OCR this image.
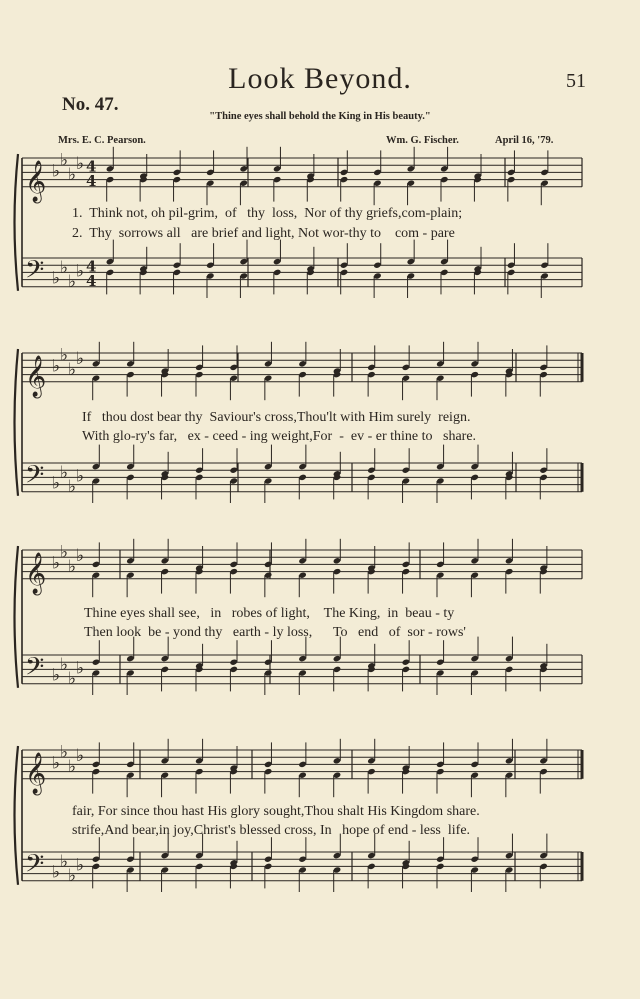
Look Beyond.	51
No. 47.
"Thine eyes shall behold the King in His beauty."
Mrs. E. C. Pearson.	Wm. G. Fischer.	April 16, '79.
1.  Think not, oh pil-grim,  of   thy  loss,  Nor of thy griefs,com-plain;
2.  Thy  sorrows all   are brief and light, Not wor-thy to    com - pare
If   thou dost bear thy  Saviour's cross,Thou'lt with Him surely  reign.
With glo-ry's far,   ex - ceed - ing weight,For  -  ev - er thine to   share.
Thine eyes shall see,   in   robes of light,    The King,  in  beau - ty
Then look  be - yond thy   earth - ly loss,      To   end   of  sor - rows'
fair, For since thou hast His glory sought,Thou shalt His Kingdom share.
strife,And bear,in joy,Christ's blessed cross, In   hope of end - less  life.
𝄞
𝄢
♭
♭
♭
♭
♭
♭
♭
♭
4
4
4
4
𝄞
𝄢
♭
♭
♭
♭
♭
♭
♭
♭
𝄞
𝄢
♭
♭
♭
♭
♭
♭
♭
♭
𝄞
𝄢
♭
♭
♭
♭
♭
♭
♭
♭
